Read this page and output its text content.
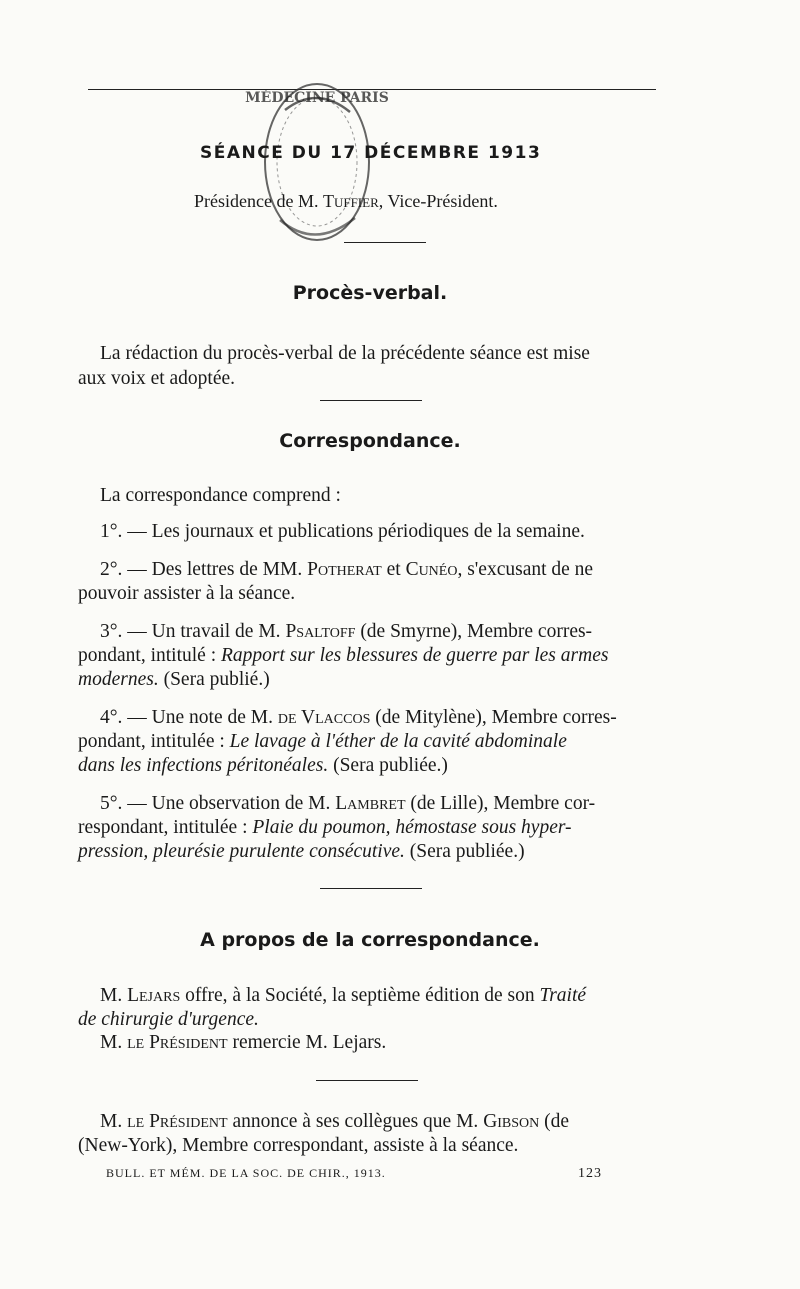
MÉDECINE PARIS
SÉANCE DU 17 DÉCEMBRE 1913
Présidence de M. Tuffier, Vice-Président.
Procès-verbal.
La rédaction du procès-verbal de la précédente séance est mise
aux voix et adoptée.
Correspondance.
La correspondance comprend :
1°. — Les journaux et publications périodiques de la semaine.
2°. — Des lettres de MM. Potherat et Cunéo, s'excusant de ne
pouvoir assister à la séance.
3°. — Un travail de M. Psaltoff (de Smyrne), Membre corres-
pondant, intitulé : Rapport sur les blessures de guerre par les armes
modernes. (Sera publié.)
4°. — Une note de M. de Vlaccos (de Mitylène), Membre corres-
pondant, intitulée : Le lavage à l'éther de la cavité abdominale
dans les infections péritonéales. (Sera publiée.)
5°. — Une observation de M. Lambret (de Lille), Membre cor-
respondant, intitulée : Plaie du poumon, hémostase sous hyper-
pression, pleurésie purulente consécutive. (Sera publiée.)
A propos de la correspondance.
M. Lejars offre, à la Société, la septième édition de son Traité
de chirurgie d'urgence.
M. le Président remercie M. Lejars.
M. le Président annonce à ses collègues que M. Gibson (de
(New-York), Membre correspondant, assiste à la séance.
BULL. ET MÉM. DE LA SOC. DE CHIR., 1913.	123
